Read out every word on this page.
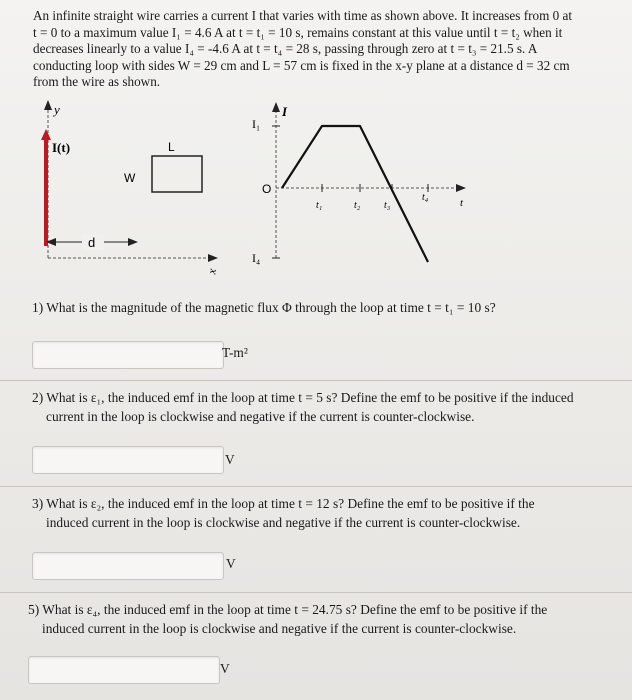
An infinite straight wire carries a current I that varies with time as shown above. It increases from 0 at
t = 0 to a maximum value I₁ = 4.6 A at t = t₁ = 10 s, remains constant at this value until t = t₂ when it
decreases linearly to a value I₄ = -4.6 A at t = t₄ = 28 s, passing through zero at t = t₃ = 21.5 s. A
conducting loop with sides W = 29 cm and L = 57 cm is fixed in the x-y plane at a distance d = 32 cm
from the wire as shown.
y
I(t)	L
W
d
x
I
I₁
I₄
O
t
t₁	t₂ t₃
t₄

1) What is the magnitude of the magnetic flux Φ through the loop at time t = t₁ = 10 s?

T-m²

2) What is ε₁, the induced emf in the loop at time t = 5 s? Define the emf to be positive if the induced

current in the loop is clockwise and negative if the current is counter-clockwise.

V

3) What is ε₂, the induced emf in the loop at time t = 12 s? Define the emf to be positive if the

induced current in the loop is clockwise and negative if the current is counter-clockwise.

V

5) What is ε₄, the induced emf in the loop at time t = 24.75 s? Define the emf to be positive if the

induced current in the loop is clockwise and negative if the current is counter-clockwise.

V
